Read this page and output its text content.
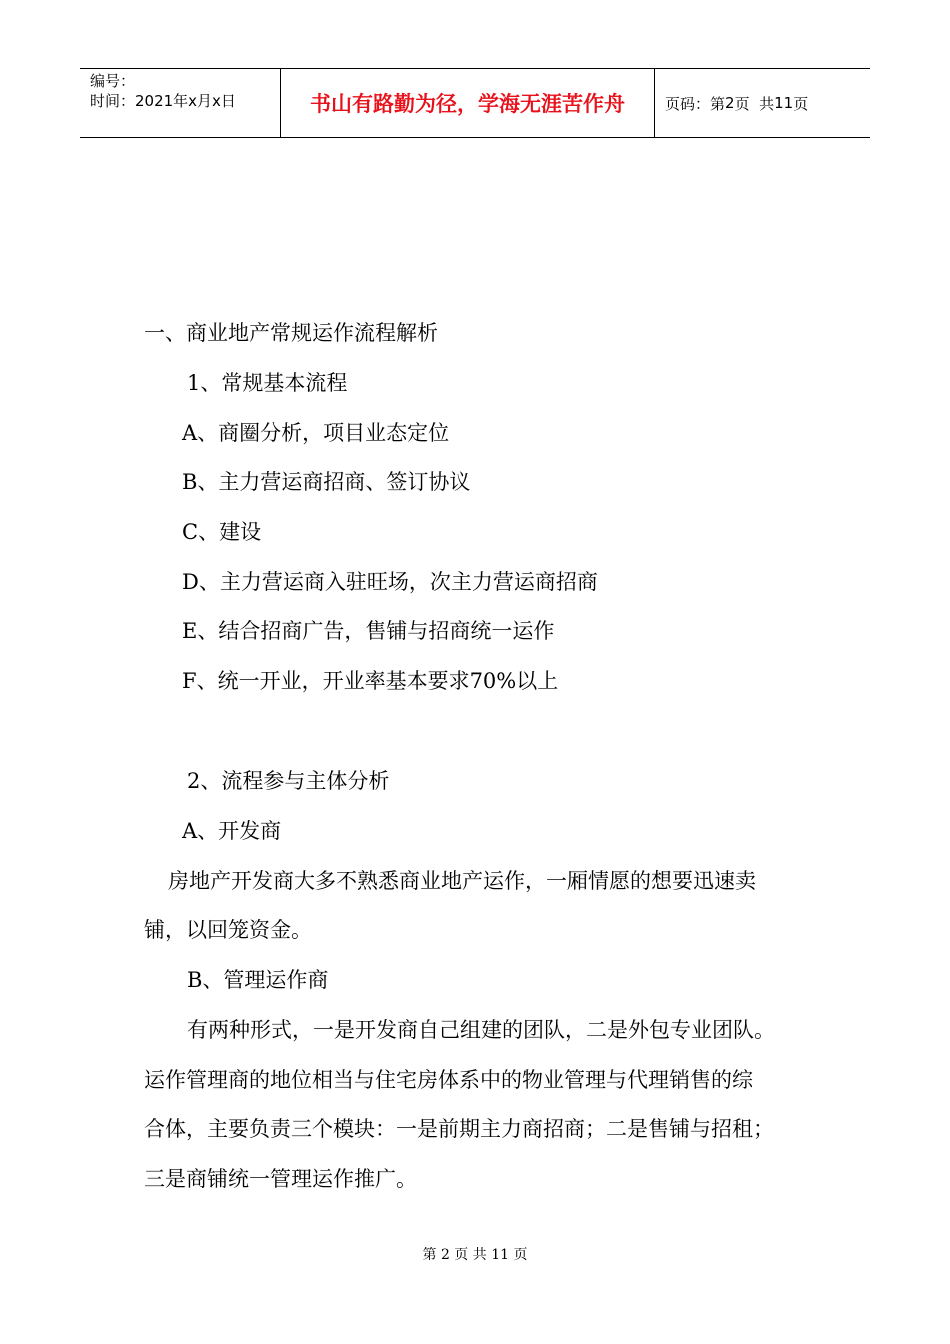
编号：
时间：2021年x月x日	书山有路勤为径，学海无涯苦作舟	页码：第 2 页  共 11 页
一、商业地产常规运作流程解析
1、常规基本流程
A、商圈分析，项目业态定位
B、主力营运商招商、签订协议
C、建设
D、主力营运商入驻旺场，次主力营运商招商
E、结合招商广告，售铺与招商统一运作
F、统一开业，开业率基本要求70%以上
2、流程参与主体分析
A、开发商
房地产开发商大多不熟悉商业地产运作，一厢情愿的想要迅速卖
铺，以回笼资金。
B、管理运作商
有两种形式，一是开发商自己组建的团队，二是外包专业团队。
运作管理商的地位相当与住宅房体系中的物业管理与代理销售的综
合体，主要负责三个模块：一是前期主力商招商；二是售铺与招租；
三是商铺统一管理运作推广。
第 2 页 共 11 页
